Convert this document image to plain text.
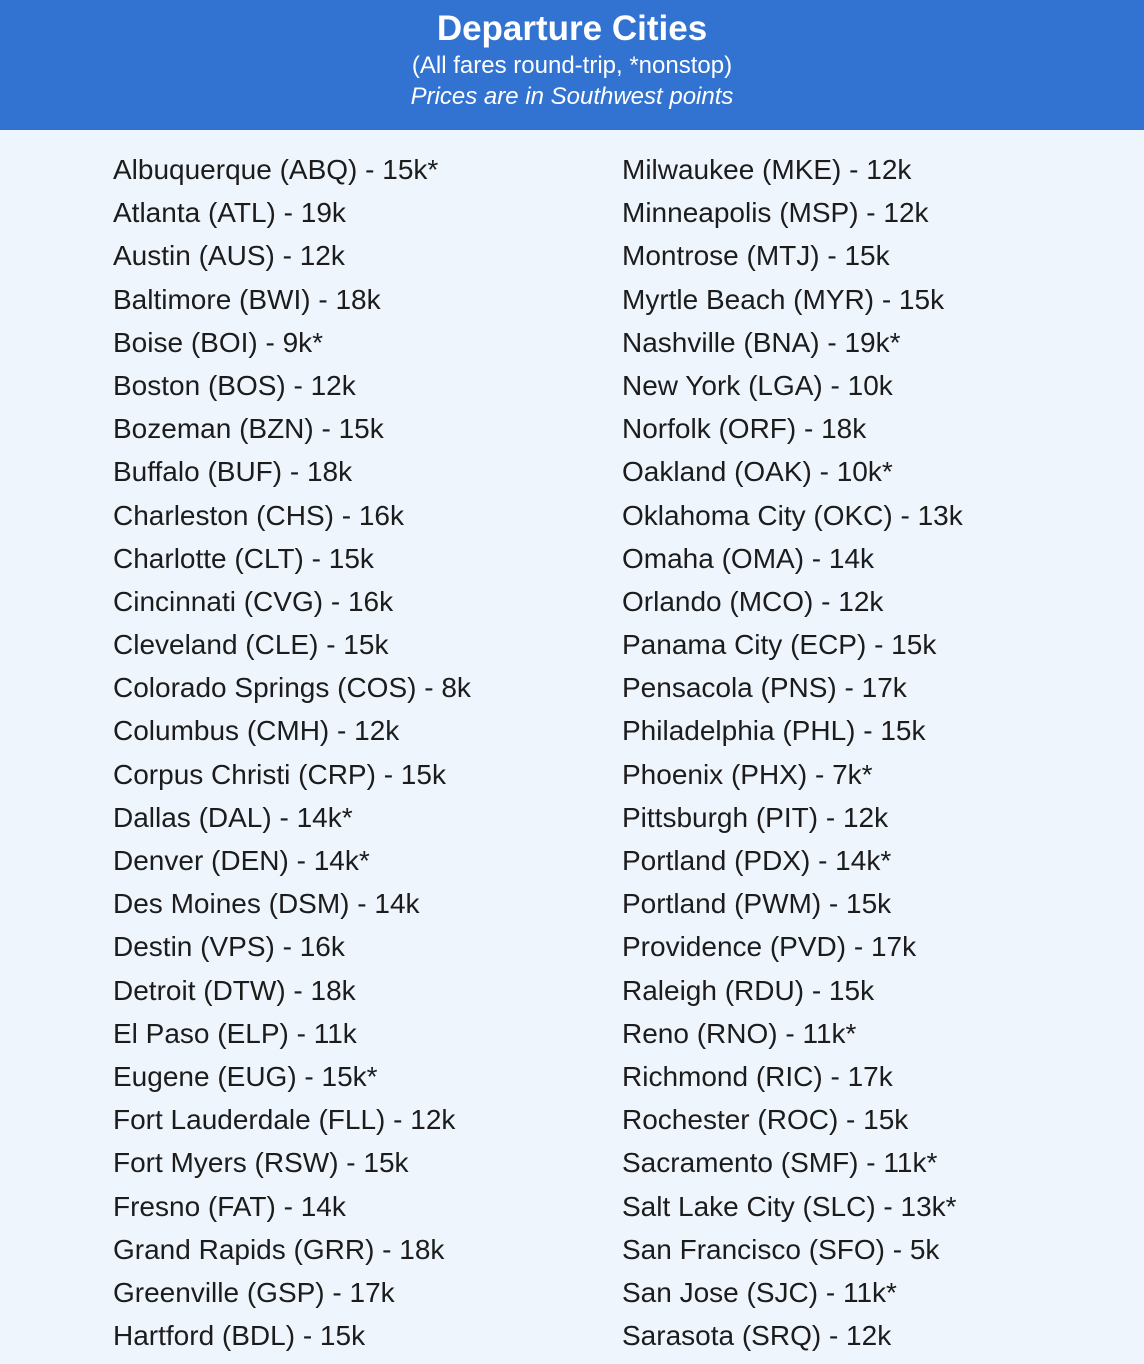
Departure Cities
(All fares round-trip, *nonstop)
Prices are in Southwest points
Albuquerque (ABQ) - 15k*
Atlanta (ATL) - 19k
Austin (AUS) - 12k
Baltimore (BWI) - 18k
Boise (BOI) - 9k*
Boston (BOS) - 12k
Bozeman (BZN) - 15k
Buffalo (BUF) - 18k
Charleston (CHS) - 16k
Charlotte (CLT) - 15k
Cincinnati (CVG) - 16k
Cleveland (CLE) - 15k
Colorado Springs (COS) - 8k
Columbus (CMH) - 12k
Corpus Christi (CRP) - 15k
Dallas (DAL) - 14k*
Denver (DEN) - 14k*
Des Moines (DSM) - 14k
Destin (VPS) - 16k
Detroit (DTW) - 18k
El Paso (ELP) - 11k
Eugene (EUG) - 15k*
Fort Lauderdale (FLL) - 12k
Fort Myers (RSW) - 15k
Fresno (FAT) - 14k
Grand Rapids (GRR) - 18k
Greenville (GSP) - 17k
Hartford (BDL) - 15k
Milwaukee (MKE) - 12k
Minneapolis (MSP) - 12k
Montrose (MTJ) - 15k
Myrtle Beach (MYR) - 15k
Nashville (BNA) - 19k*
New York (LGA) - 10k
Norfolk (ORF) - 18k
Oakland (OAK) - 10k*
Oklahoma City (OKC) - 13k
Omaha (OMA) - 14k
Orlando (MCO) - 12k
Panama City (ECP) - 15k
Pensacola (PNS) - 17k
Philadelphia (PHL) - 15k
Phoenix (PHX) - 7k*
Pittsburgh (PIT) - 12k
Portland (PDX) - 14k*
Portland (PWM) - 15k
Providence (PVD) - 17k
Raleigh (RDU) - 15k
Reno (RNO) - 11k*
Richmond (RIC) - 17k
Rochester (ROC) - 15k
Sacramento (SMF) - 11k*
Salt Lake City (SLC) - 13k*
San Francisco (SFO) - 5k
San Jose (SJC) - 11k*
Sarasota (SRQ) - 12k
